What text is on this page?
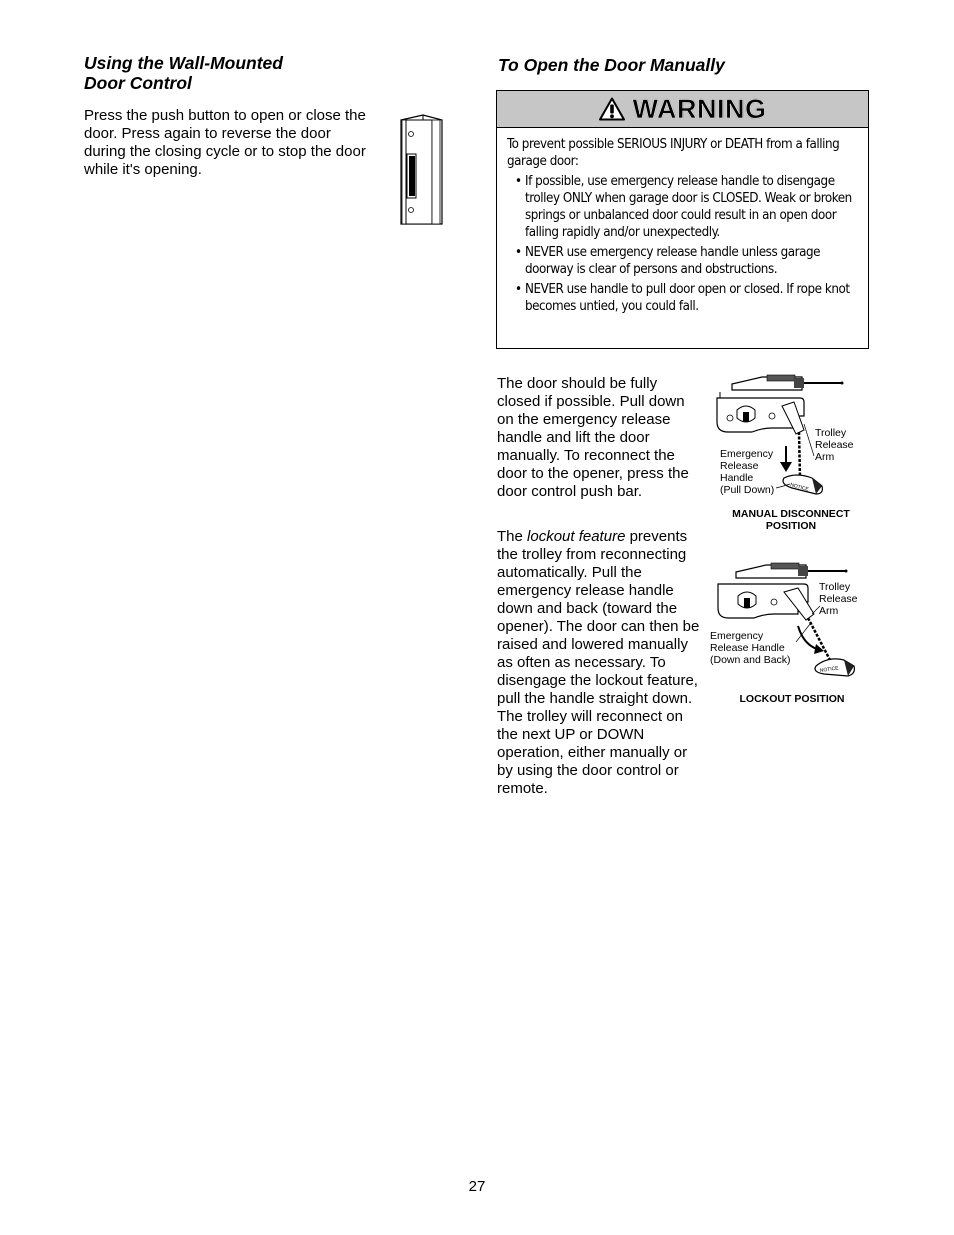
Using the Wall-Mounted
Door Control

Press the push button to open or close the door. Press again to reverse the door during the closing cycle or to stop the door while it's opening.

To Open the Door Manually
WARNING

To prevent possible SERIOUS INJURY or DEATH from a falling garage door:

• If possible, use emergency release handle to disengage trolley ONLY when garage door is CLOSED. Weak or broken springs or unbalanced door could result in an open door falling rapidly and/or unexpectedly.
• NEVER use emergency release handle unless garage doorway is clear of persons and obstructions.
• NEVER use handle to pull door open or closed. If rope knot becomes untied, you could fall.

The door should be fully closed if possible. Pull down on the emergency release handle and lift the door manually. To reconnect the door to the opener, press the door control push bar.

The lockout feature prevents the trolley from reconnecting automatically. Pull the emergency release handle down and back (toward the opener). The door can then be raised and lowered manually as often as necessary. To disengage the lockout feature, pull the handle straight down. The trolley will reconnect on the next UP or DOWN operation, either manually or by using the door control or remote.

NOTICE
Trolley
Release
Arm
Emergency
Release
Handle
(Pull Down)
MANUAL DISCONNECT
POSITION
NOTICE
Trolley
Release
Arm
Emergency
Release Handle
(Down and Back)
LOCKOUT POSITION
27
